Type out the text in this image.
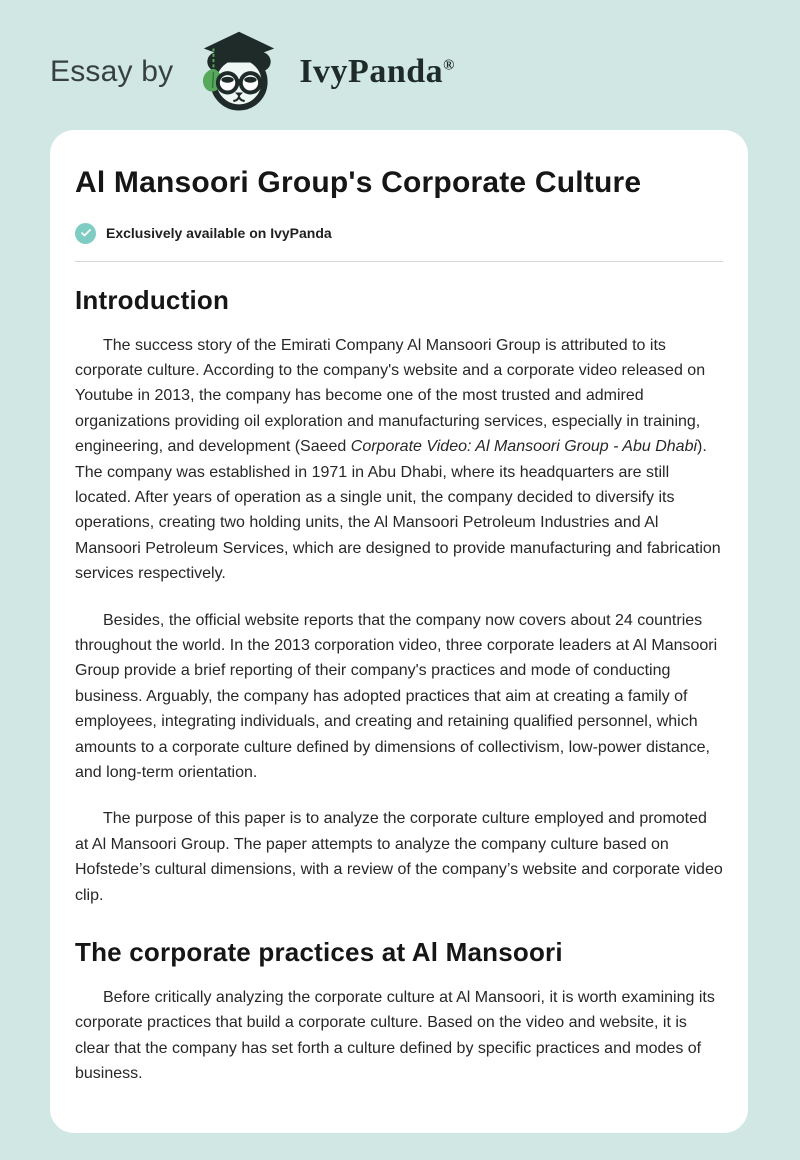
Essay by	IvyPanda®
Al Mansoori Group's Corporate Culture
Exclusively available on IvyPanda
Introduction

The success story of the Emirati Company Al Mansoori Group is attributed to its corporate culture. According to the company's website and a corporate video released on Youtube in 2013, the company has become one of the most trusted and admired organizations providing oil exploration and manufacturing services, especially in training, engineering, and development (Saeed Corporate Video: Al Mansoori Group - Abu Dhabi). The company was established in 1971 in Abu Dhabi, where its headquarters are still located. After years of operation as a single unit, the company decided to diversify its operations, creating two holding units, the Al Mansoori Petroleum Industries and Al Mansoori Petroleum Services, which are designed to provide manufacturing and fabrication services respectively.

Besides, the official website reports that the company now covers about 24 countries throughout the world. In the 2013 corporation video, three corporate leaders at Al Mansoori Group provide a brief reporting of their company's practices and mode of conducting business. Arguably, the company has adopted practices that aim at creating a family of employees, integrating individuals, and creating and retaining qualified personnel, which amounts to a corporate culture defined by dimensions of collectivism, low-power distance, and long-term orientation.

The purpose of this paper is to analyze the corporate culture employed and promoted at Al Mansoori Group. The paper attempts to analyze the company culture based on Hofstede’s cultural dimensions, with a review of the company’s website and corporate video clip.

The corporate practices at Al Mansoori

Before critically analyzing the corporate culture at Al Mansoori, it is worth examining its corporate practices that build a corporate culture. Based on the video and website, it is clear that the company has set forth a culture defined by specific practices and modes of business.
